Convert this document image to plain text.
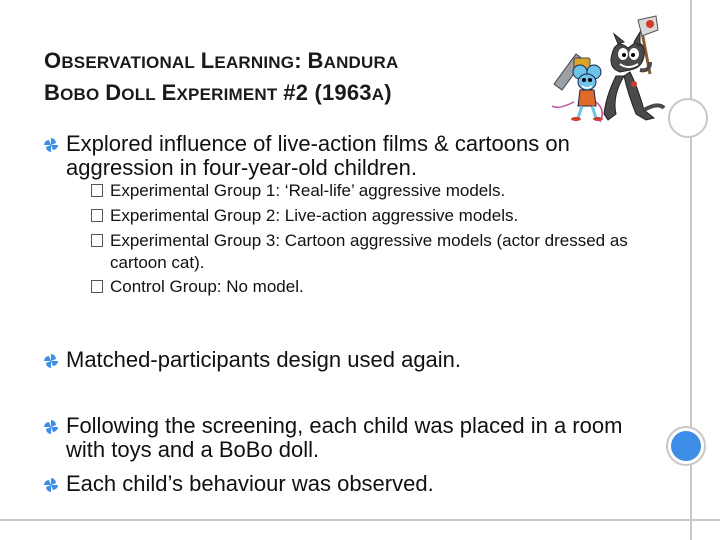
OBSERVATIONAL LEARNING: BANDURA
BOBO DOLL EXPERIMENT #2 (1963A)
Explored influence of live-action films & cartoons on aggression in four-year-old children.
Experimental Group 1: ‘Real-life’ aggressive models.
Experimental Group 2: Live-action aggressive models.
Experimental Group 3: Cartoon aggressive models (actor dressed as cartoon cat).
Control Group: No model.
Matched-participants design used again.
Following the screening, each child was placed in a room with toys and a BoBo doll.
Each child’s behaviour was observed.
